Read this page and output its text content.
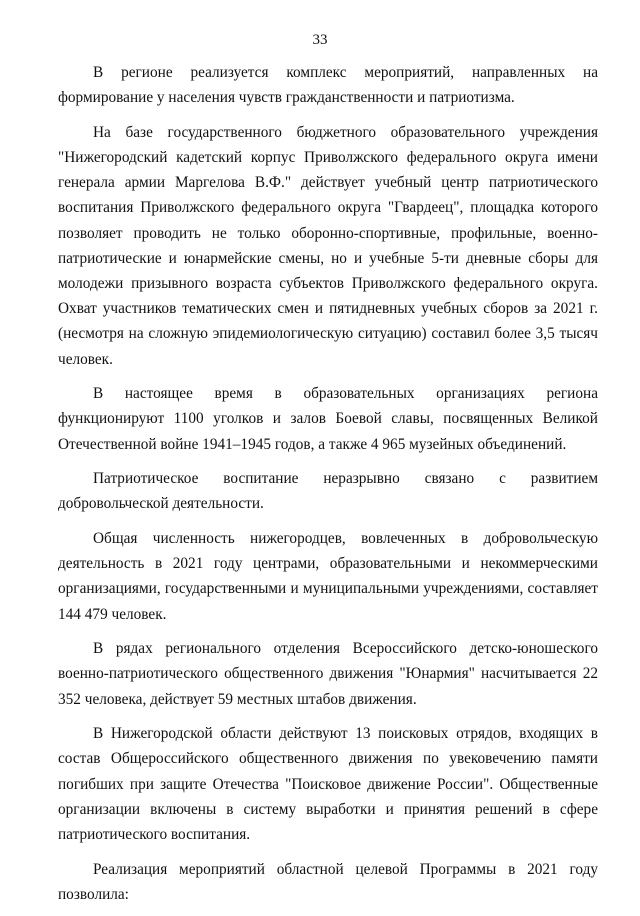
33

В регионе реализуется комплекс мероприятий, направленных на формирование у населения чувств гражданственности и патриотизма.

На базе государственного бюджетного образовательного учреждения "Нижегородский кадетский корпус Приволжского федерального округа имени генерала армии Маргелова В.Ф." действует учебный центр патриотического воспитания Приволжского федерального округа "Гвардеец", площадка которого позволяет проводить не только оборонно-спортивные, профильные, военно-патриотические и юнармейские смены, но и учебные 5-ти дневные сборы для молодежи призывного возраста субъектов Приволжского федерального округа. Охват участников тематических смен и пятидневных учебных сборов за 2021 г. (несмотря на сложную эпидемиологическую ситуацию) составил более 3,5 тысяч человек.

В настоящее время в образовательных организациях региона функционируют 1100 уголков и залов Боевой славы, посвященных Великой Отечественной войне 1941–1945 годов, а также 4 965 музейных объединений.

Патриотическое воспитание неразрывно связано с развитием добровольческой деятельности.

Общая численность нижегородцев, вовлеченных в добровольческую деятельность в 2021 году центрами, образовательными и некоммерческими организациями, государственными и муниципальными учреждениями, составляет 144 479 человек.

В рядах регионального отделения Всероссийского детско-юношеского военно-патриотического общественного движения "Юнармия" насчитывается 22 352 человека, действует 59 местных штабов движения.

В Нижегородской области действуют 13 поисковых отрядов, входящих в состав Общероссийского общественного движения по увековечению памяти погибших при защите Отечества "Поисковое движение России". Общественные организации включены в систему выработки и принятия решений в сфере патриотического воспитания.

Реализация мероприятий областной целевой Программы в 2021 году позволила:
